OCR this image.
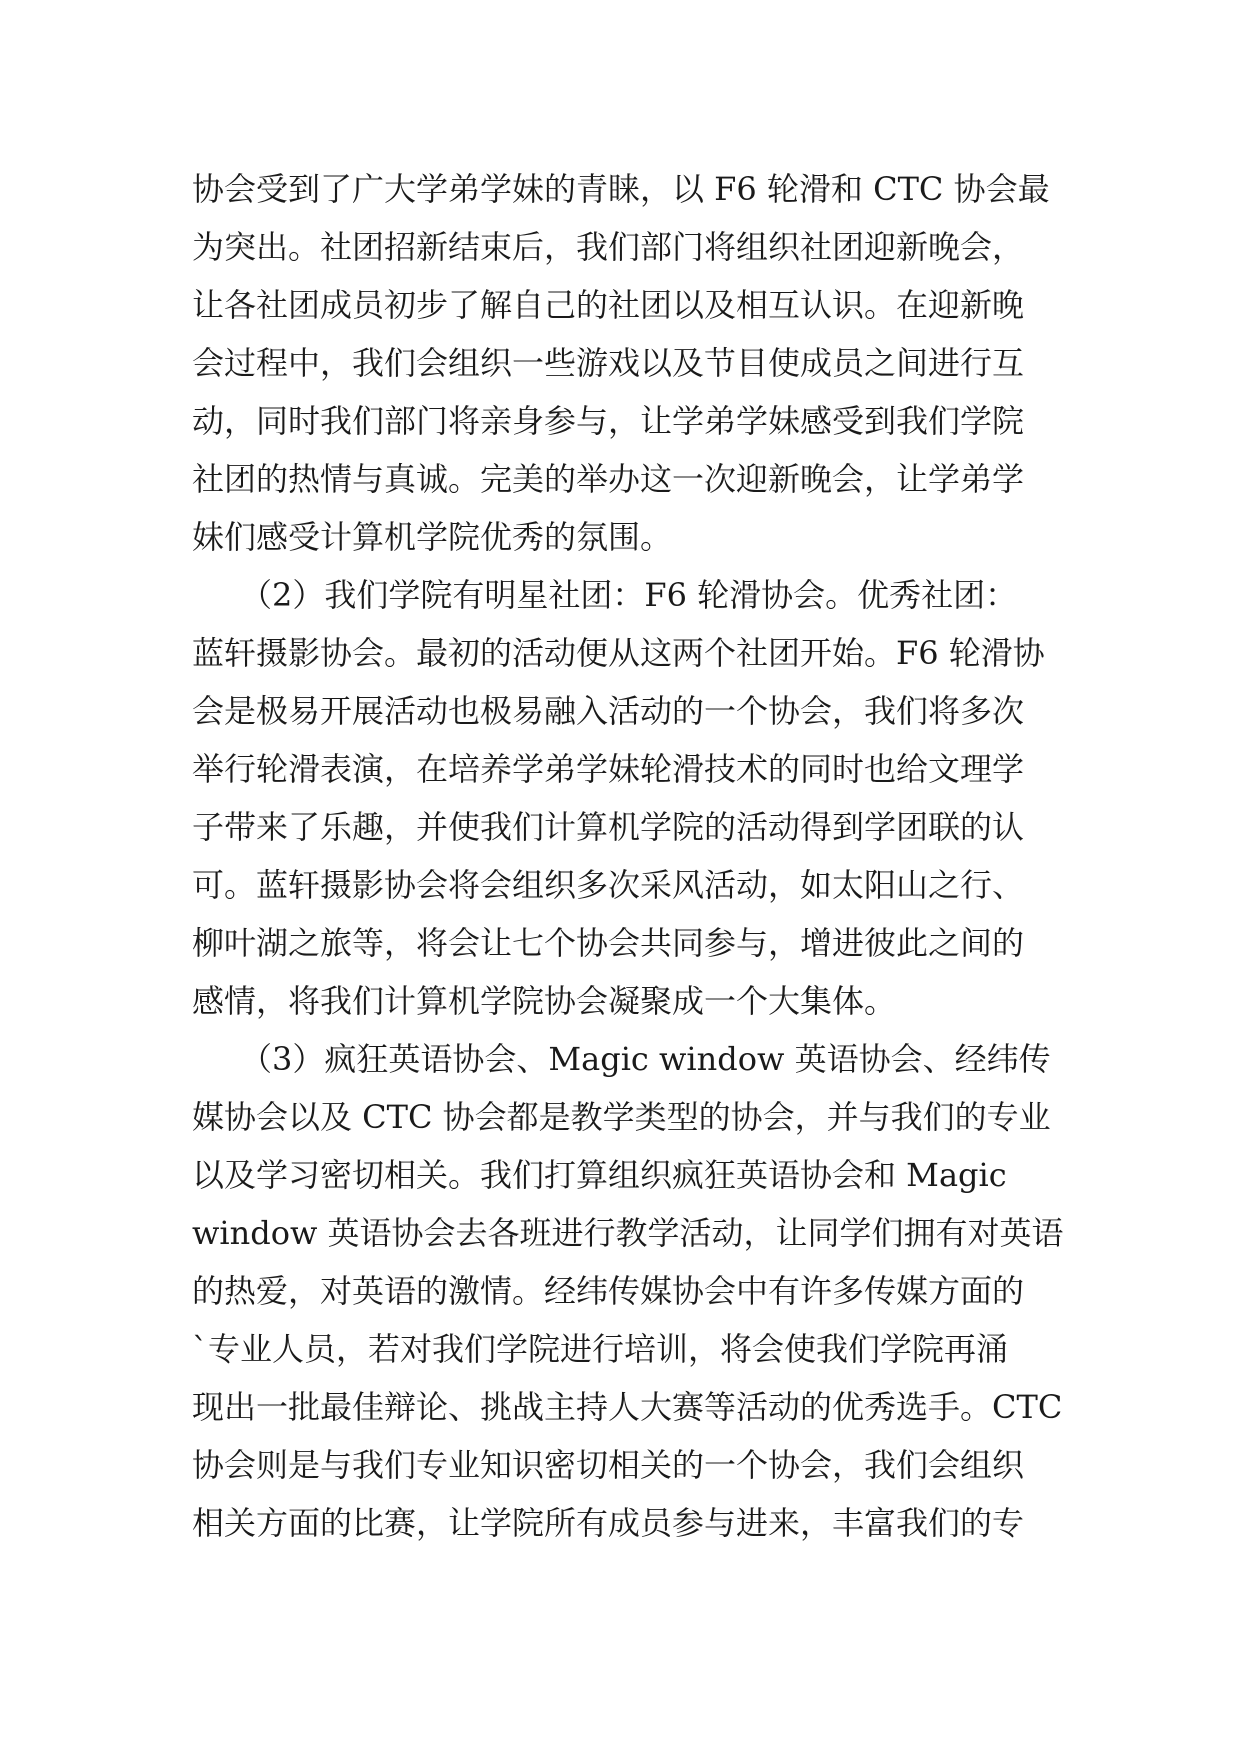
协会受到了广大学弟学妹的青睐，以 F6 轮滑和 CTC 协会最
为突出。社团招新结束后，我们部门将组织社团迎新晚会，
让各社团成员初步了解自己的社团以及相互认识。在迎新晚
会过程中，我们会组织一些游戏以及节目使成员之间进行互
动，同时我们部门将亲身参与，让学弟学妹感受到我们学院
社团的热情与真诚。完美的举办这一次迎新晚会，让学弟学
妹们感受计算机学院优秀的氛围。
　　（2）我们学院有明星社团：F6 轮滑协会。优秀社团：
蓝轩摄影协会。最初的活动便从这两个社团开始。F6 轮滑协
会是极易开展活动也极易融入活动的一个协会，我们将多次
举行轮滑表演，在培养学弟学妹轮滑技术的同时也给文理学
子带来了乐趣，并使我们计算机学院的活动得到学团联的认
可。蓝轩摄影协会将会组织多次采风活动，如太阳山之行、
柳叶湖之旅等，将会让七个协会共同参与，增进彼此之间的
感情，将我们计算机学院协会凝聚成一个大集体。
　　（3）疯狂英语协会、Magic window 英语协会、经纬传
媒协会以及 CTC 协会都是教学类型的协会，并与我们的专业
以及学习密切相关。我们打算组织疯狂英语协会和 Magic
window 英语协会去各班进行教学活动，让同学们拥有对英语
的热爱，对英语的激情。经纬传媒协会中有许多传媒方面的
`专业人员，若对我们学院进行培训，将会使我们学院再涌
现出一批最佳辩论、挑战主持人大赛等活动的优秀选手。CTC
协会则是与我们专业知识密切相关的一个协会，我们会组织
相关方面的比赛，让学院所有成员参与进来，丰富我们的专
